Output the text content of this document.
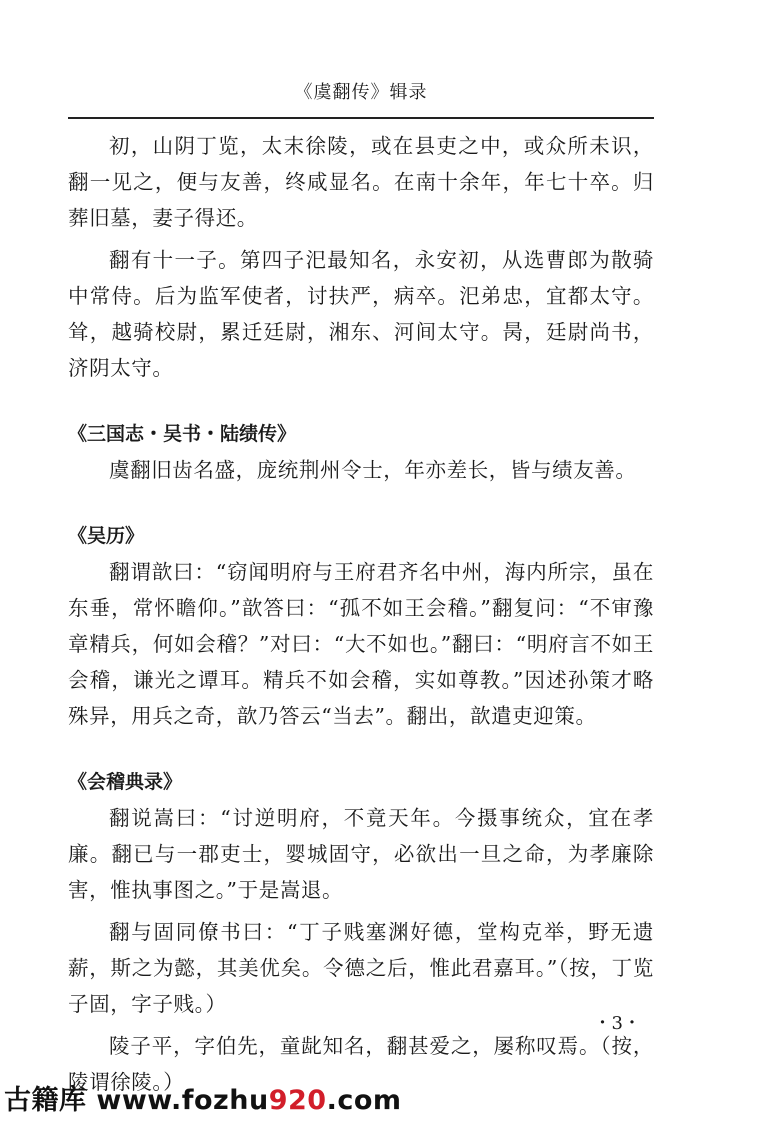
《虞翻传》辑录

初，山阴丁览，太末徐陵，或在县吏之中，或众所未识，翻一见之，便与友善，终咸显名。在南十余年，年七十卒。归葬旧墓，妻子得还。

翻有十一子。第四子汜最知名，永安初，从选曹郎为散骑中常侍。后为监军使者，讨扶严，病卒。汜弟忠，宜都太守。耸，越骑校尉，累迁廷尉，湘东、河间太守。昺，廷尉尚书，济阴太守。

《三国志・吴书・陆绩传》

虞翻旧齿名盛，庞统荆州令士，年亦差长，皆与绩友善。

《吴历》

翻谓歆曰：“窃闻明府与王府君齐名中州，海内所宗，虽在东垂，常怀瞻仰。”歆答曰：“孤不如王会稽。”翻复问：“不审豫章精兵，何如会稽？”对曰：“大不如也。”翻曰：“明府言不如王会稽，谦光之谭耳。精兵不如会稽，实如尊教。”因述孙策才略殊异，用兵之奇，歆乃答云“当去”。翻出，歆遣吏迎策。

《会稽典录》

翻说嵩曰：“讨逆明府，不竟天年。今摄事统众，宜在孝廉。翻已与一郡吏士，婴城固守，必欲出一旦之命，为孝廉除害，惟执事图之。”于是嵩退。

翻与固同僚书曰：“丁子贱塞渊好德，堂构克举，野无遗薪，斯之为懿，其美优矣。令德之后，惟此君嘉耳。”（按，丁览子固，字子贱。）

陵子平，字伯先，童龀知名，翻甚爱之，屡称叹焉。（按，陵谓徐陵。）

・3・
古籍库 www.fozhu920.com
